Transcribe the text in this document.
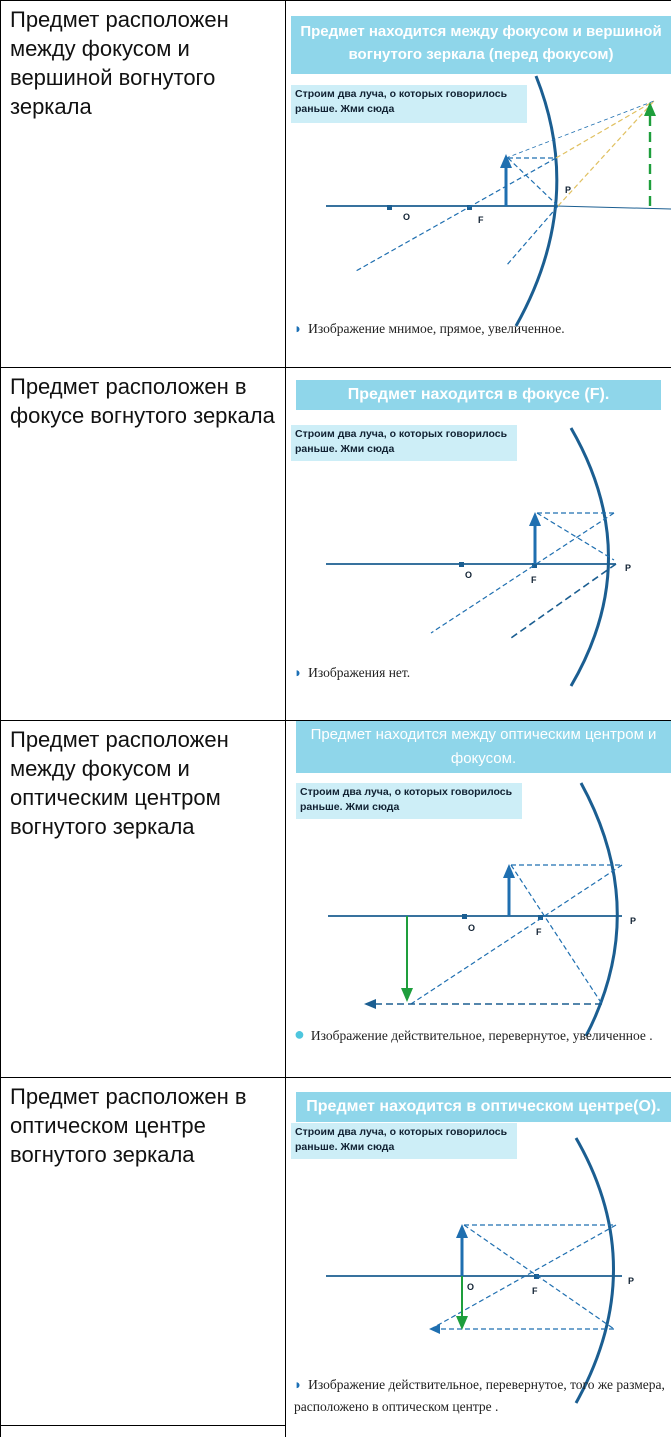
Предмет расположен между фокусом и вершиной вогнутого зеркала
Предмет находится между фокусом и вершиной вогнутого зеркала (перед фокусом)
Строим два луча, о которых говорилось раньше. Жми сюда
O	F
P
◗ Изображение мнимое, прямое, увеличенное.
Предмет расположен в фокусе вогнутого зеркала
Предмет находится в фокусе (F).
Строим два луча, о которых говорилось раньше. Жми сюда
O	F
P
◗ Изображения нет.
Предмет расположен между фокусом и оптическим центром вогнутого зеркала
Предмет находится между оптическим центром и фокусом.
Строим два луча, о которых говорилось раньше. Жми сюда
O	F
P
● Изображение действительное, перевернутое, увеличенное .
Предмет расположен в оптическом центре вогнутого зеркала
Предмет находится в оптическом центре(O).
Строим два луча, о которых говорилось раньше. Жми сюда
O	F
P
◗ Изображение действительное, перевернутое, того же размера, расположено в оптическом центре .
